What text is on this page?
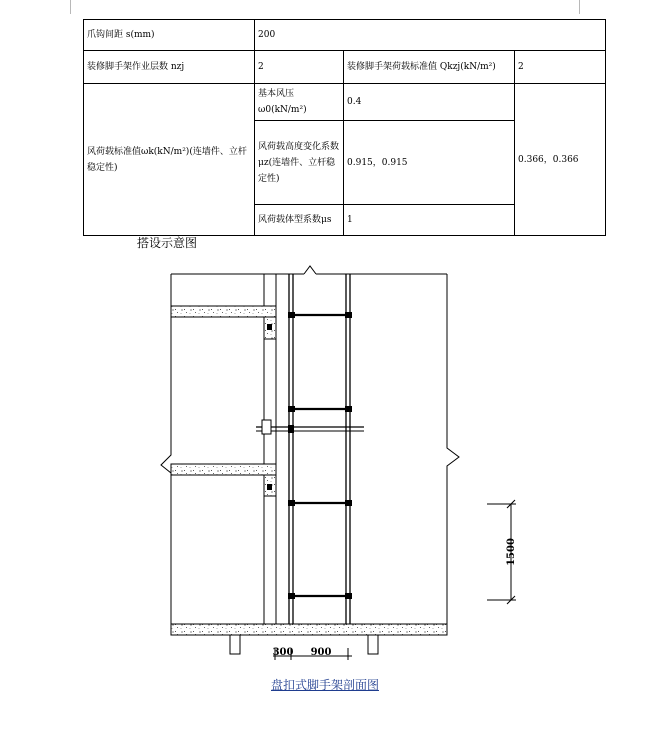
爪钩间距 s(mm)	200		
装修脚手架作业层数 nzj	2	装修脚手架荷载标准值 Qkzj(kN/m²)	2
风荷载标准值ωk(kN/m²)(连墙件、立杆稳定性)	基本风压ω0(kN/m²)	0.4	0.366，0.366
	风荷载高度变化系数μz(连墙件、立杆稳定性)	0.915，0.915	
	风荷载体型系数μs	1	
搭设示意图
1500
300 900
盘扣式脚手架剖面图
